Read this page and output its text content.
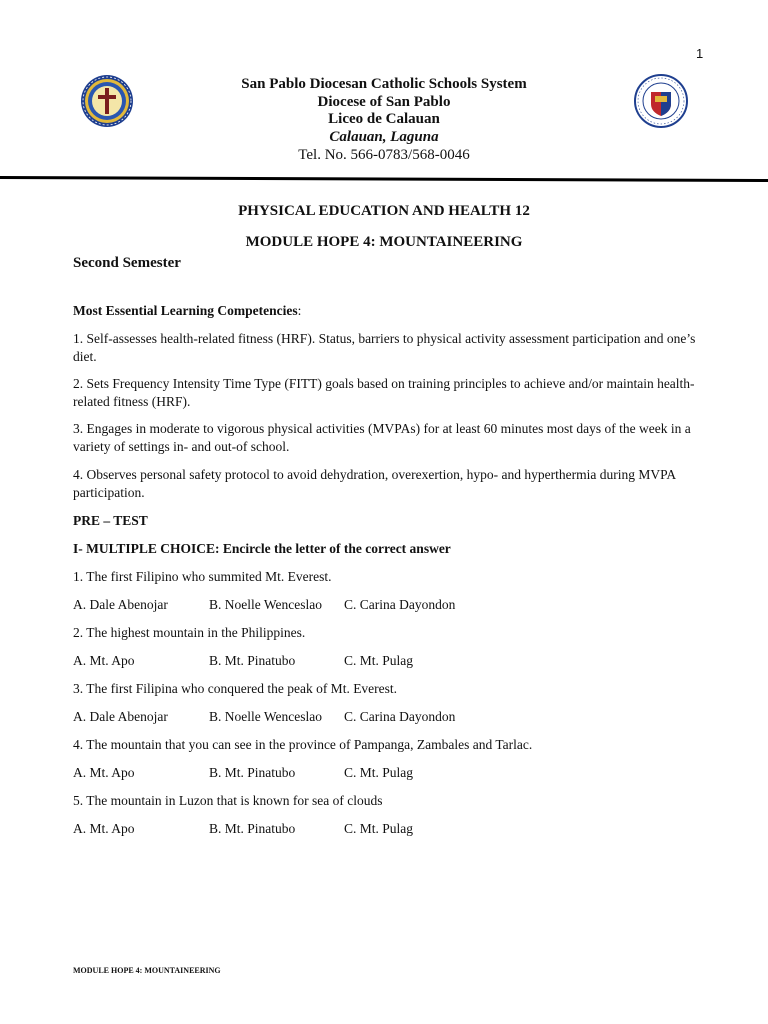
1
San Pablo Diocesan Catholic Schools System
Diocese of San Pablo
Liceo de Calauan
Calauan, Laguna
Tel. No. 566-0783/568-0046
PHYSICAL EDUCATION AND HEALTH 12
MODULE HOPE 4: MOUNTAINEERING
Second Semester
Most Essential Learning Competencies:
1. Self-assesses health-related fitness (HRF). Status, barriers to physical activity assessment participation and one’s diet.
2. Sets Frequency Intensity Time Type (FITT) goals based on training principles to achieve and/or maintain health-related fitness (HRF).
3. Engages in moderate to vigorous physical activities (MVPAs) for at least 60 minutes most days of the week in a variety of settings in- and out-of school.
4. Observes personal safety protocol to avoid dehydration, overexertion, hypo- and hyperthermia during MVPA participation.
PRE – TEST
I- MULTIPLE CHOICE: Encircle the letter of the correct answer
1. The first Filipino who summited Mt. Everest.
A. Dale Abenojar	B. Noelle Wenceslao C. Carina Dayondon
2. The highest mountain in the Philippines.
A. Mt. Apo	B. Mt. Pinatubo	C. Mt. Pulag
3. The first Filipina who conquered the peak of Mt. Everest.
A. Dale Abenojar	B. Noelle Wenceslao C. Carina Dayondon
4. The mountain that you can see in the province of Pampanga, Zambales and Tarlac.
A. Mt. Apo	B. Mt. Pinatubo	C. Mt. Pulag
5. The mountain in Luzon that is known for sea of clouds
A. Mt. Apo	B. Mt. Pinatubo	C. Mt. Pulag
MODULE HOPE 4: MOUNTAINEERING
